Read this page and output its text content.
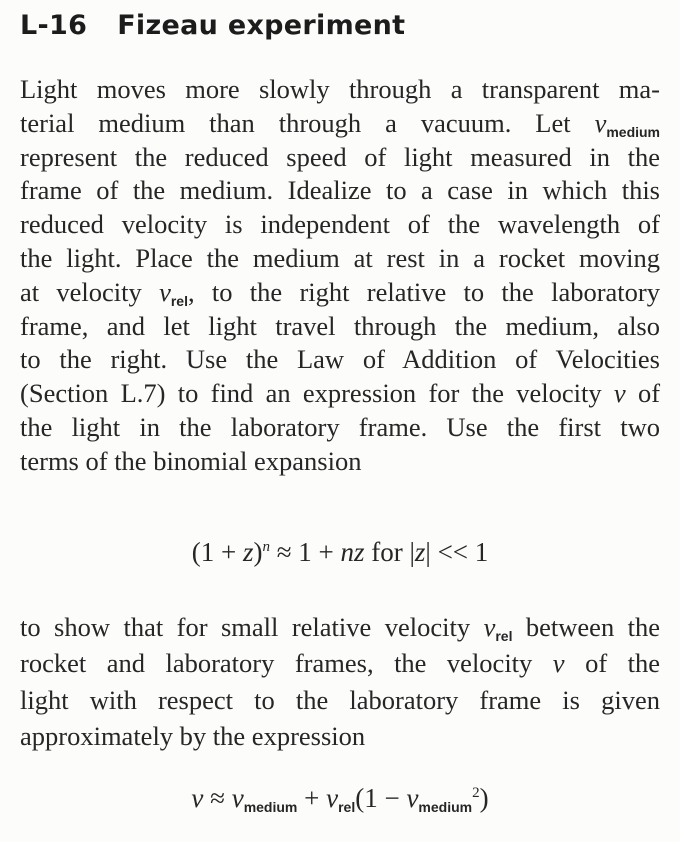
L-16 Fizeau experiment
Light moves more slowly through a transparent ma-
terial medium than through a vacuum. Let $v_{medium}$
represent the reduced speed of light measured in the
frame of the medium. Idealize to a case in which this
reduced velocity is independent of the wavelength of
the light. Place the medium at rest in a rocket moving
at velocity $v_{rel}$, to the right relative to the laboratory
frame, and let light travel through the medium, also
to the right. Use the Law of Addition of Velocities
(Section L.7) to find an expression for the velocity v of
the light in the laboratory frame. Use the first two
terms of the binomial expansion
$(1 + z)^n \approx 1$ + nz for |z| << 1
to show that for small relative velocity $v_{rel}$ between the
rocket and laboratory frames, the velocity v of the
light with respect to the laboratory frame is given
approximately by the expression
$v \approx v_{medium} + v_{rel}(1 - v_{medium}^2)$
